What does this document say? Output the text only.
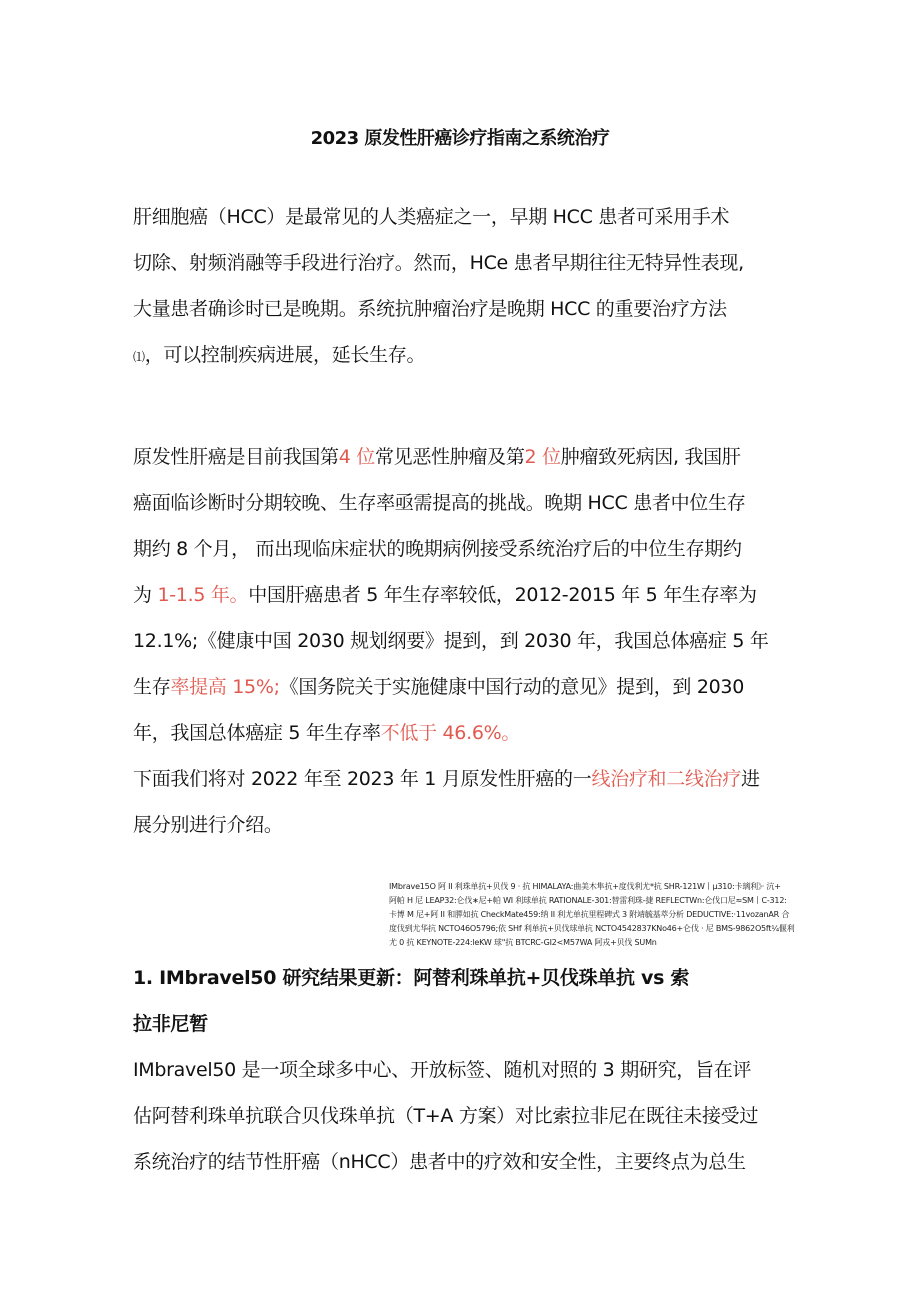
2023 原发性肝癌诊疗指南之系统治疗
肝细胞癌（HCC）是最常见的人类癌症之一，早期 HCC 患者可采用手术
切除、射频消融等手段进行治疗。然而，HCe 患者早期往往无特异性表现,
大量患者确诊时已是晚期。系统抗肿瘤治疗是晚期 HCC 的重要治疗方法
⑴，可以控制疾病进展，延长生存。
原发性肝癌是目前我国第4 位常见恶性肿瘤及第2 位肿瘤致死病因, 我国肝
癌面临诊断时分期较晚、生存率亟需提高的挑战。晚期 HCC 患者中位生存
期约 8 个月， 而出现临床症状的晚期病例接受系统治疗后的中位生存期约
为 1-1.5 年。中国肝癌患者 5 年生存率较低，2012-2015 年 5 年生存率为
12.1%;《健康中国 2030 规划纲要》提到，到 2030 年，我国总体癌症 5 年
生存率提高 15%;《国务院关于实施健康中国行动的意见》提到，到 2030
年，我国总体癌症 5 年生存率不低于 46.6%。
下面我们将对 2022 年至 2023 年 1 月原发性肝癌的一线治疗和二线治疗进
展分别进行介绍。
IMbrave15O 阿 II 利珠单抗+贝伐 9 · 抗 HIMALAYA:曲美木隼抗+度伐利尤*抗 SHR-121W丨μ310:卡璃利》· 沆+
阿帕 H 尼 LEAP32:仑伐∗尼+帕 WI 利球单抗 RATIONALE-301:替雷利珠-捷 REFLECTWn:仑伐口尼≈SM丨C-312:
卡博 M 尼+阿 II 和膵如抗 CheckMate459:纳 II 利尤单抗里程碑式 3 附靖毓基萃分析 DEDUCTIVE:·11vozanAR 合
度伐到尤华抗 NCTO46O5796;依 SHf 利单抗+贝伐球单抗 NCTO4542837KNo46+仑伐 · 尼 BMS-9862O5ft¼偃利
尤 0 抗 KEYNOTE-224:leKW 球"抗 BTCRC-GI2<M57WA 阿戎+贝伐 SUMn
1. IMbravel50 研究结果更新：阿替利珠单抗+贝伐珠单抗 vs 索
拉非尼暂
IMbravel50 是一项全球多中心、开放标签、随机对照的 3 期研究，旨在评
估阿替利珠单抗联合贝伐珠单抗（T+A 方案）对比索拉非尼在既往未接受过
系统治疗的结节性肝癌（nHCC）患者中的疗效和安全性，主要终点为总生
